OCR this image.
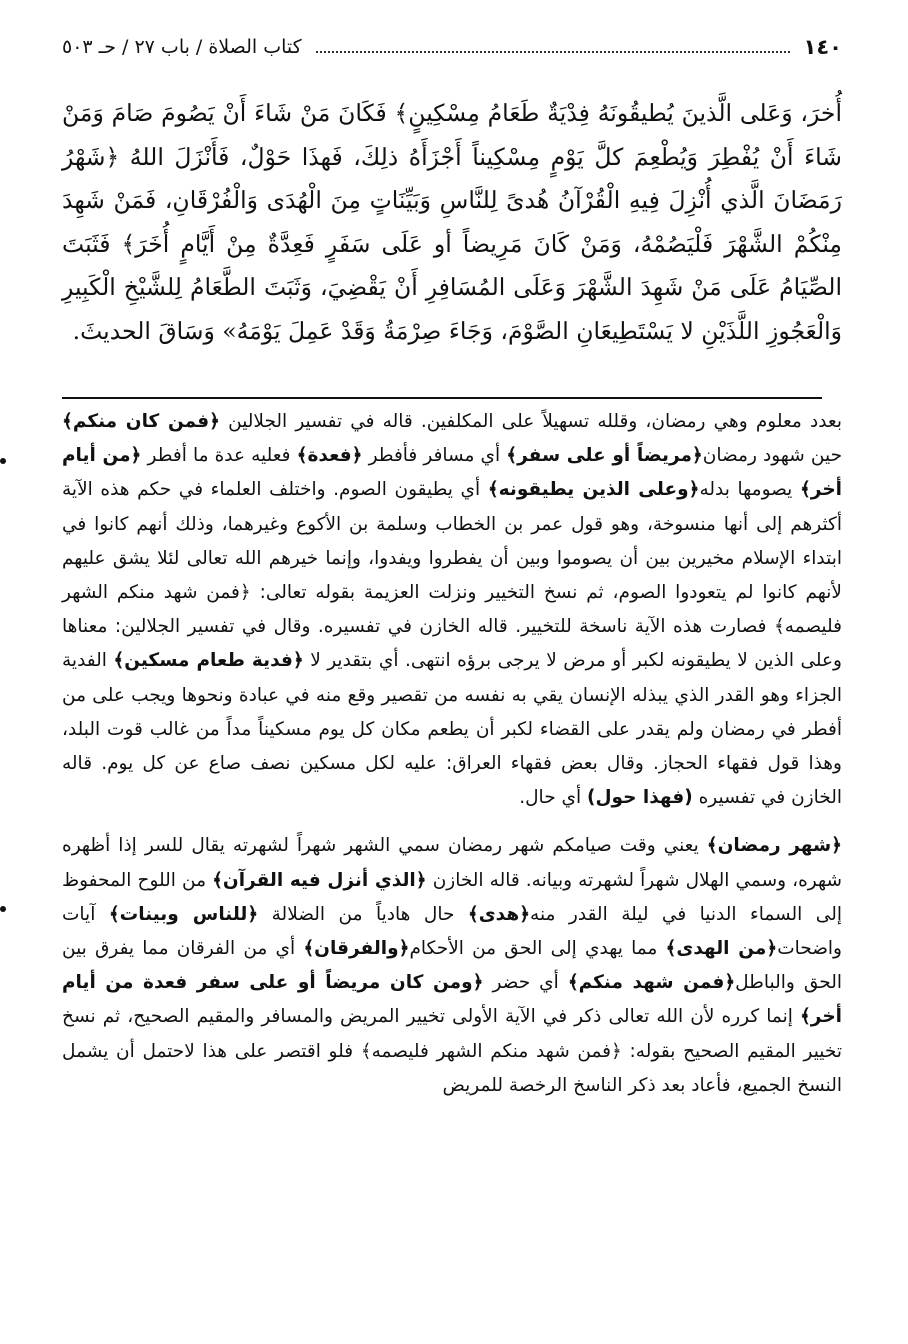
١٤٠
كتاب الصلاة / باب ٢٧ / حـ ٥٠٣

أُخرَ، وَعَلى الَّذينَ يُطيقُونَهُ فِدْيَةٌ طَعَامُ مِسْكِينٍ﴾ فَكَانَ مَنْ شَاءَ أَنْ يَصُومَ صَامَ وَمَنْ شَاءَ أَنْ يُفْطِرَ وَيُطْعِمَ كلَّ يَوْمٍ مِسْكِيناً أَجْزَأَهُ ذلِكَ، فَهذَا حَوْلٌ، فَأَنْزَلَ اللهُ ﴿شَهْرُ رَمَضَانَ الَّذي أُنْزِلَ فِيهِ الْقُرْآنُ هُدىً لِلنَّاسِ وَبَيِّنَاتٍ مِنَ الْهُدَى وَالْفُرْقَانِ، فَمَنْ شَهِدَ مِنْكُمْ الشَّهْرَ فَلْيَصُمْهُ، وَمَنْ كَانَ مَرِيضاً أو عَلَى سَفَرٍ فَعِدَّةٌ مِنْ أَيَّامٍ أُخَرَ﴾ فَثَبَتَ الصِّيَامُ عَلَى مَنْ شَهِدَ الشَّهْرَ وَعَلَى المُسَافِرِ أَنْ يَقْضِيَ، وَثَبَتَ الطَّعَامُ لِلشَّيْخِ الْكَبِيرِ وَالْعَجُوزِ اللَّذَيْنِ لا يَسْتَطِيعَانِ الصَّوْمَ، وَجَاءَ صِرْمَةُ وَقَدْ عَمِلَ يَوْمَهُ» وَسَاقَ الحديثَ.

بعدد معلوم وهي رمضان، وقلله تسهيلاً على المكلفين. قاله في تفسير الجلالين ﴿فمن كان منكم﴾ حين شهود رمضان﴿مريضاً أو على سفر﴾ أي مسافر فأفطر ﴿فعدة﴾ فعليه عدة ما أفطر ﴿من أيام أخر﴾ يصومها بدله﴿وعلى الذين يطيقونه﴾ أي يطيقون الصوم. واختلف العلماء في حكم هذه الآية أكثرهم إلى أنها منسوخة، وهو قول عمر بن الخطاب وسلمة بن الأكوع وغيرهما، وذلك أنهم كانوا في ابتداء الإسلام مخيرين بين أن يصوموا وبين أن يفطروا ويفدوا، وإنما خيرهم الله تعالى لئلا يشق عليهم لأنهم كانوا لم يتعودوا الصوم، ثم نسخ التخيير ونزلت العزيمة بقوله تعالى: ﴿فمن شهد منكم الشهر فليصمه﴾ فصارت هذه الآية ناسخة للتخيير. قاله الخازن في تفسيره. وقال في تفسير الجلالين: معناها وعلى الذين لا يطيقونه لكبر أو مرض لا يرجى برؤه انتهى. أي بتقدير لا ﴿فدية طعام مسكين﴾ الفدية الجزاء وهو القدر الذي يبذله الإنسان يقي به نفسه من تقصير وقع منه في عبادة ونحوها ويجب على من أفطر في رمضان ولم يقدر على القضاء لكبر أن يطعم مكان كل يوم مسكيناً مداً من غالب قوت البلد، وهذا قول فقهاء الحجاز. وقال بعض فقهاء العراق: عليه لكل مسكين نصف صاع عن كل يوم. قاله الخازن في تفسيره (فهذا حول) أي حال.

﴿شهر رمضان﴾ يعني وقت صيامكم شهر رمضان سمي الشهر شهراً لشهرته يقال للسر إذا أظهره شهره، وسمي الهلال شهراً لشهرته وبيانه. قاله الخازن ﴿الذي أنزل فيه القرآن﴾ من اللوح المحفوظ إلى السماء الدنيا في ليلة القدر منه﴿هدى﴾ حال هادياً من الضلالة ﴿للناس وبينات﴾ آيات واضحات﴿من الهدى﴾ مما يهدي إلى الحق من الأحكام﴿والفرقان﴾ أي من الفرقان مما يفرق بين الحق والباطل﴿فمن شهد منكم﴾ أي حضر ﴿ومن كان مريضاً أو على سفر فعدة من أيام أخر﴾ إنما كرره لأن الله تعالى ذكر في الآية الأولى تخيير المريض والمسافر والمقيم الصحيح، ثم نسخ تخيير المقيم الصحيح بقوله: ﴿فمن شهد منكم الشهر فليصمه﴾ فلو اقتصر على هذا لاحتمل أن يشمل النسخ الجميع، فأعاد بعد ذكر الناسخ الرخصة للمريض
